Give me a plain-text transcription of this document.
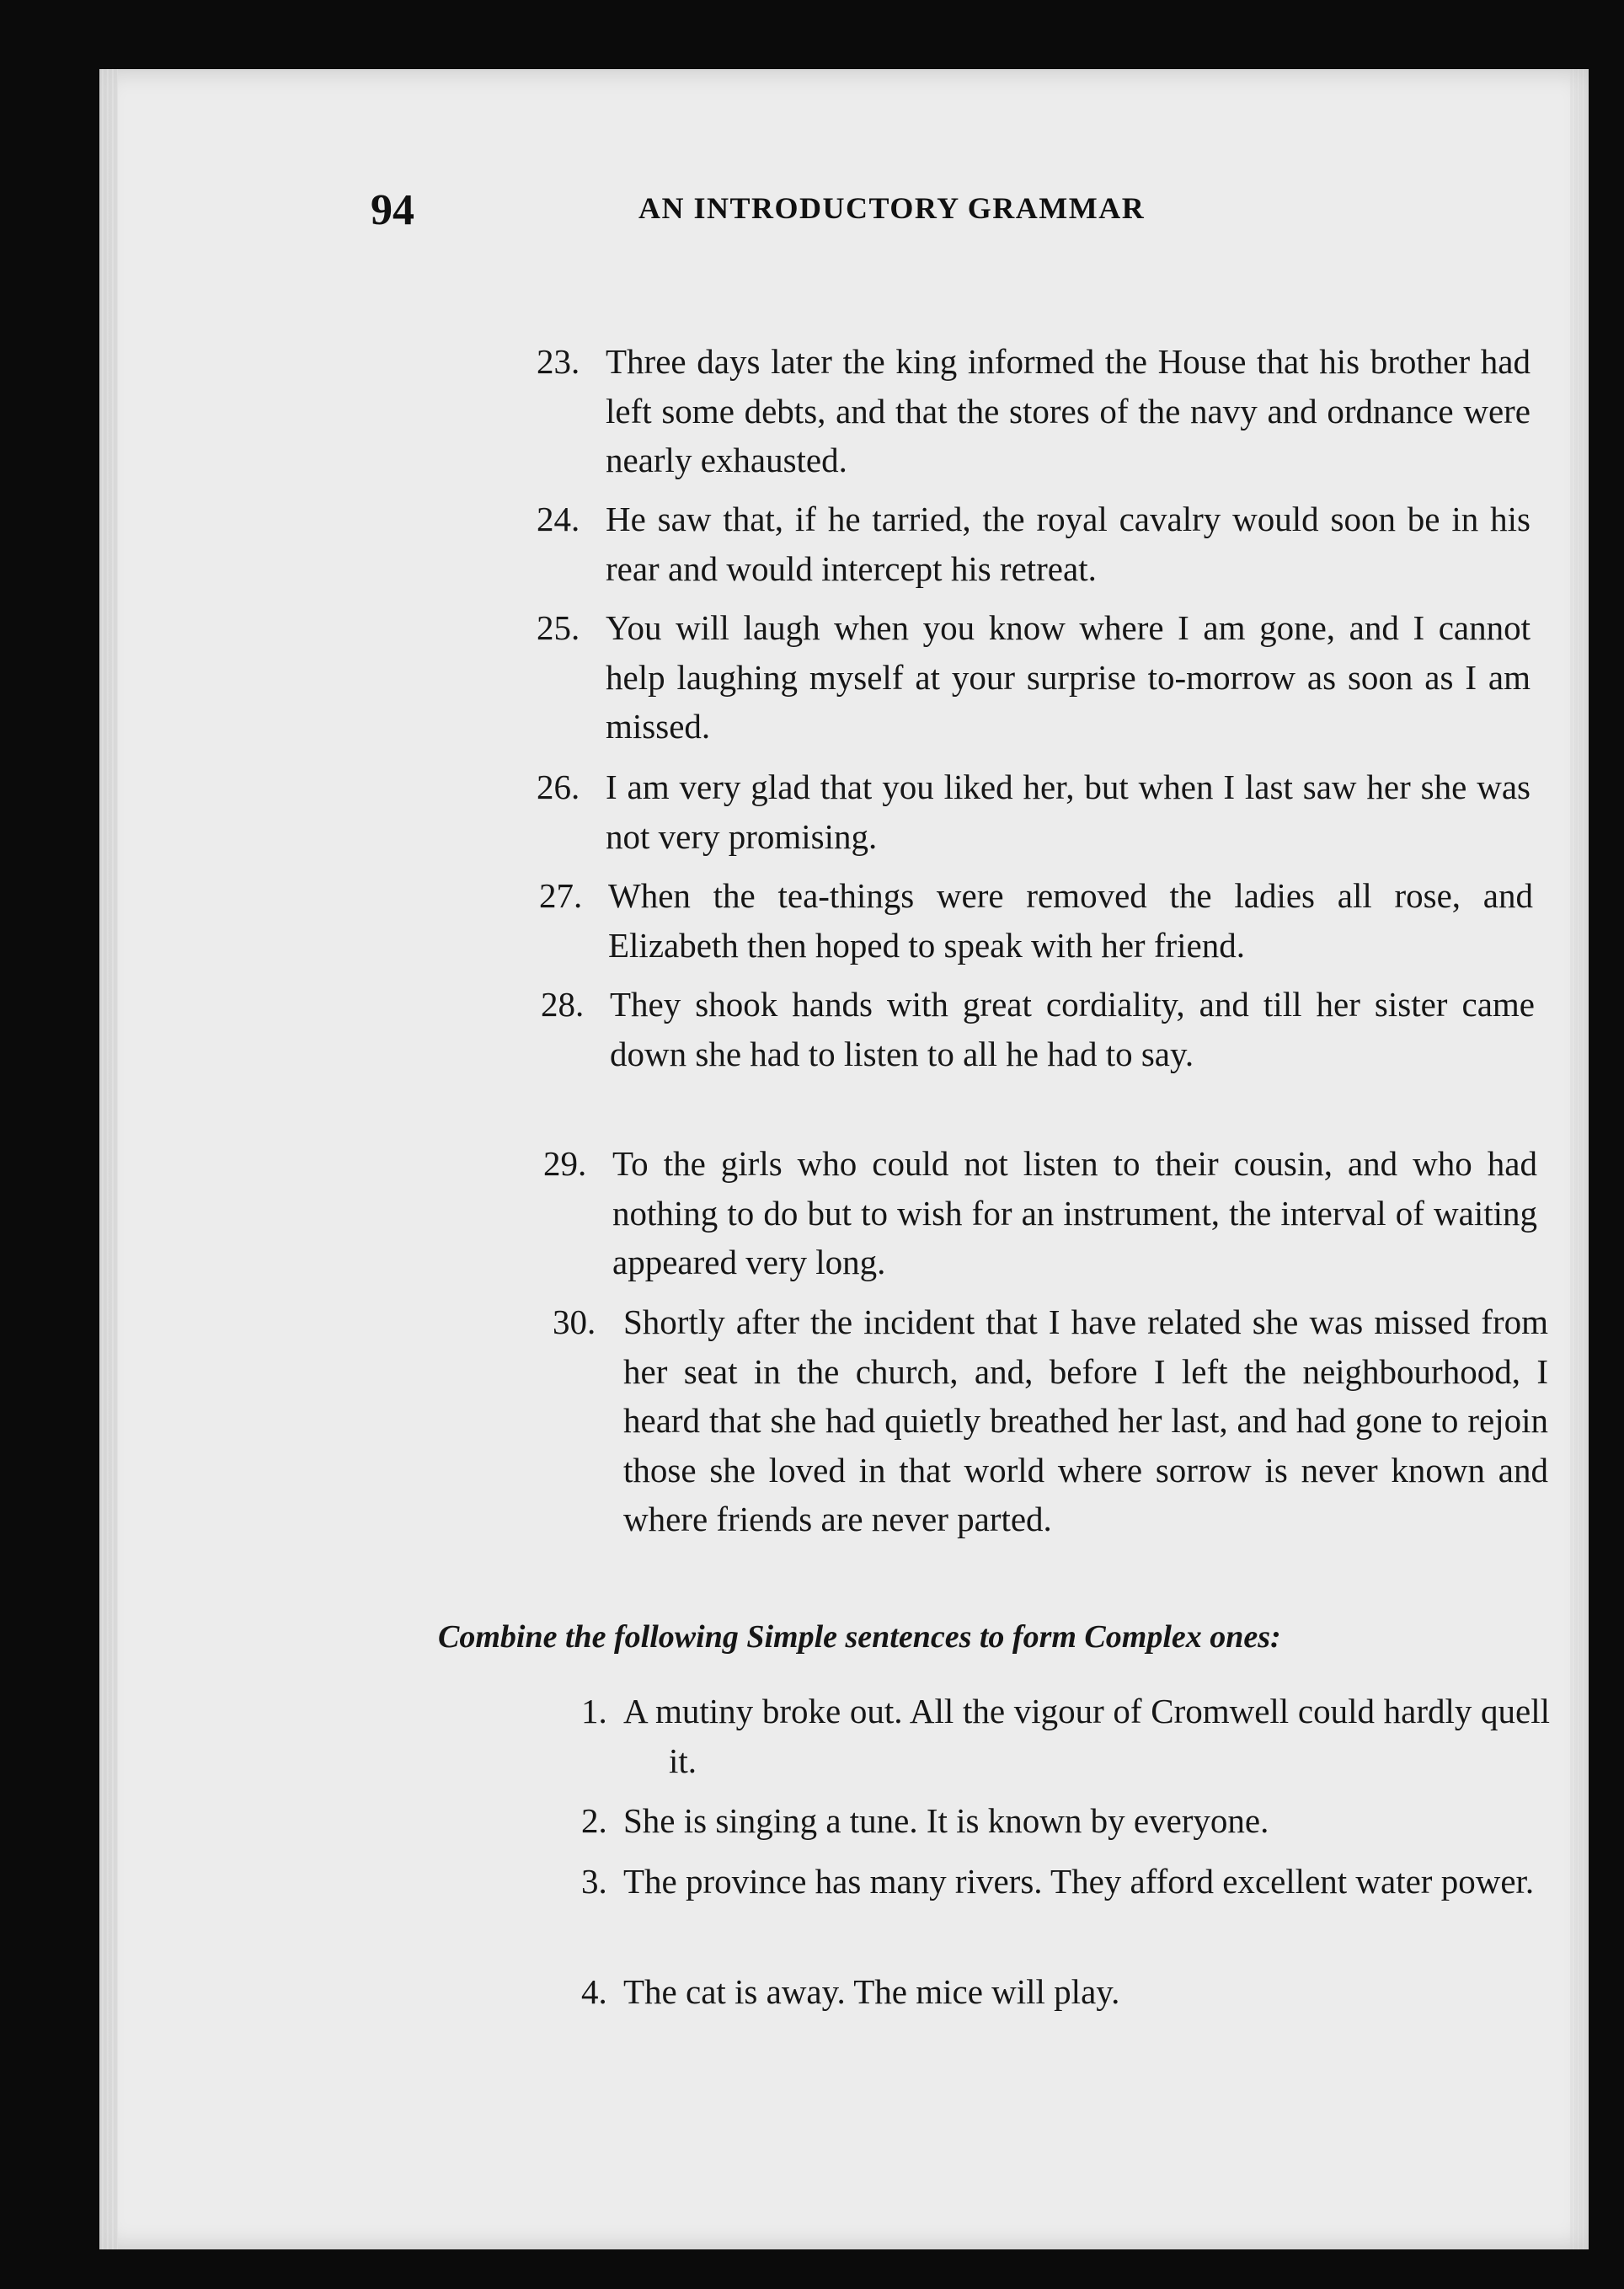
94	AN INTRODUCTORY GRAMMAR
23. Three days later the king informed the House that his brother had left some debts, and that the stores of the navy and ordnance were nearly exhausted.
24. He saw that, if he tarried, the royal cavalry would soon be in his rear and would intercept his retreat.
25. You will laugh when you know where I am gone, and I cannot help laughing myself at your surprise to-morrow as soon as I am missed.
26. I am very glad that you liked her, but when I last saw her she was not very promising.
27. When the tea-things were removed the ladies all rose, and Elizabeth then hoped to speak with her friend.
28. They shook hands with great cordiality, and till her sister came down she had to listen to all he had to say.
29. To the girls who could not listen to their cousin, and who had nothing to do but to wish for an instrument, the interval of waiting appeared very long.
30. Shortly after the incident that I have related she was missed from her seat in the church, and, before I left the neighbourhood, I heard that she had quietly breathed her last, and had gone to rejoin those she loved in that world where sorrow is never known and where friends are never parted.
Combine the following Simple sentences to form Complex ones:
1. A mutiny broke out. All the vigour of Cromwell could hardly quell it.
2. She is singing a tune. It is known by everyone.
3. The province has many rivers. They afford excellent water power.
4. The cat is away. The mice will play.
